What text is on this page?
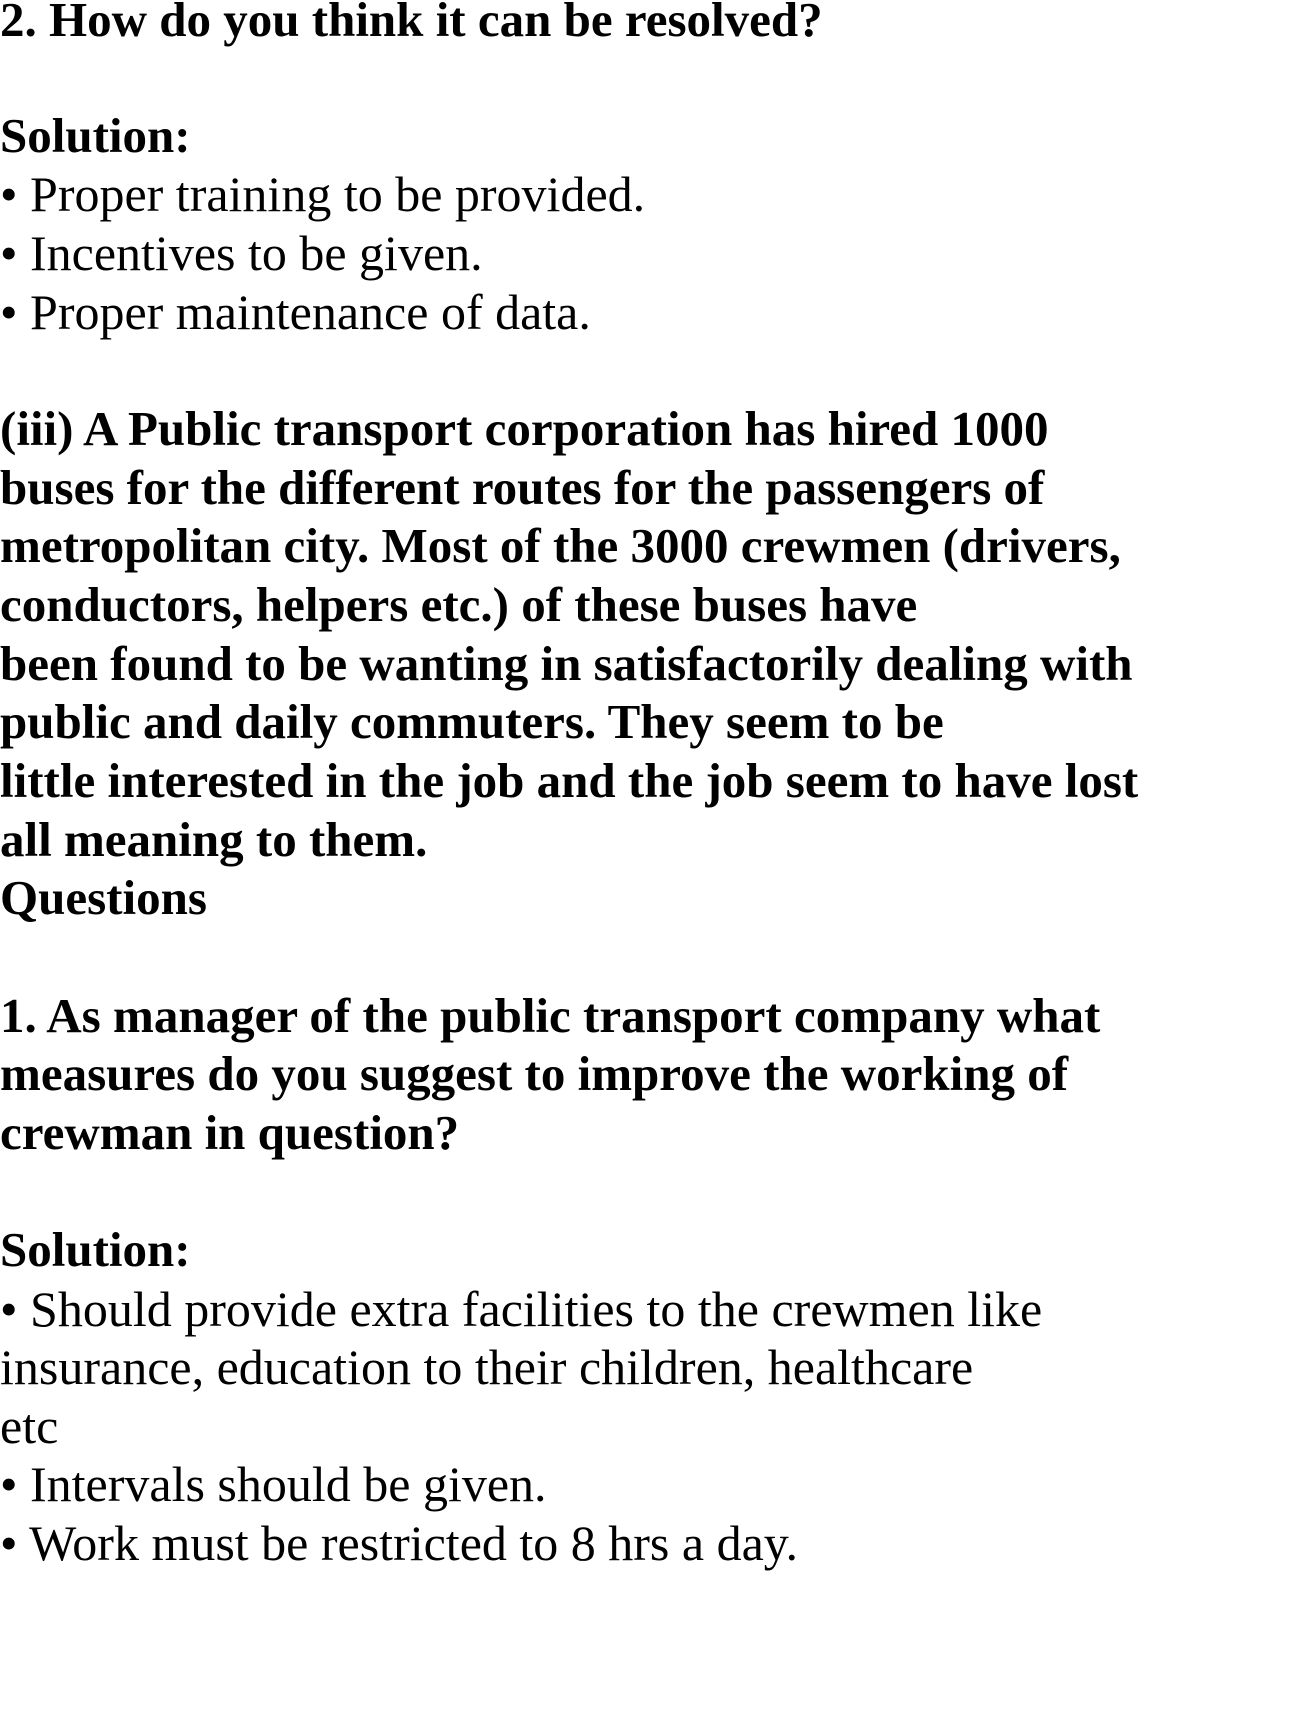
2. How do you think it can be resolved?
Solution:
• Proper training to be provided.
• Incentives to be given.
• Proper maintenance of data.
(iii) A Public transport corporation has hired 1000
buses for the different routes for the passengers of
metropolitan city. Most of the 3000 crewmen (drivers,
conductors, helpers etc.) of these buses have
been found to be wanting in satisfactorily dealing with
public and daily commuters. They seem to be
little interested in the job and the job seem to have lost
all meaning to them.
Questions
1. As manager of the public transport company what
measures do you suggest to improve the working of
crewman in question?
Solution:
• Should provide extra facilities to the crewmen like
insurance, education to their children, healthcare
etc
• Intervals should be given.
• Work must be restricted to 8 hrs a day.
